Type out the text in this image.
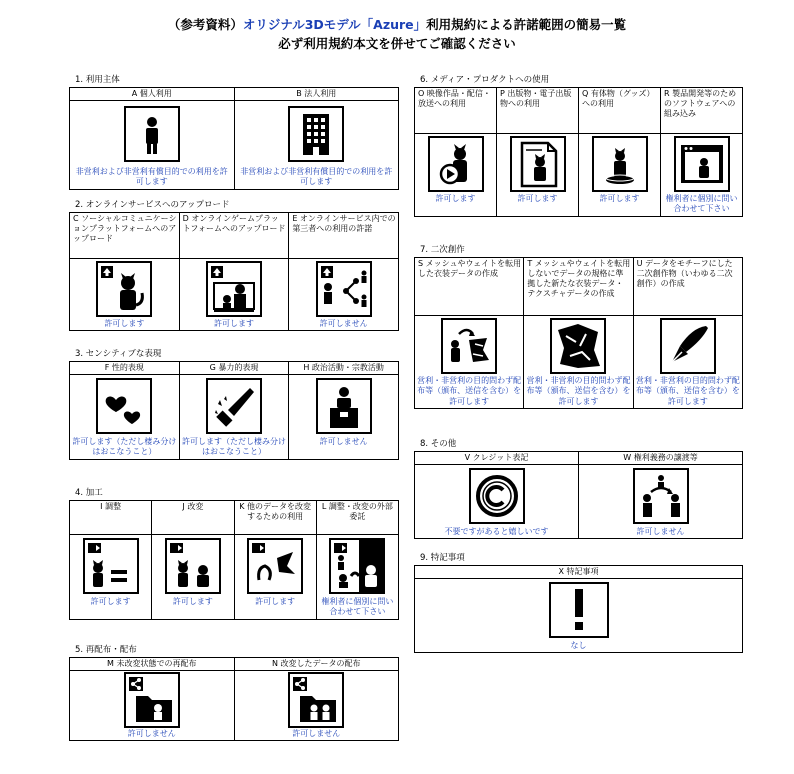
（参考資料）オリジナル3Dモデル「Azure」利用規約による許諾範囲の簡易一覧
必ず利用規約本文を併せてご確認ください
1. 利用主体
A 個人利用	B 法人利用

非営利および非営利有償目的での利用を許可します	非営利および非営利有償目的での利用を許可します
2. オンラインサービスへのアップロード
C ソーシャルコミュニケーションプラットフォームへのアップロード	D オンラインゲームプラットフォームへのアップロード	E オンラインサービス内での第三者への利用の許諾

許可します	許可します	許可しません
3. センシティブな表現
F 性的表現	G 暴力的表現	H 政治活動・宗教活動

許可します（ただし棲み分けはおこなうこと）	許可します（ただし棲み分けはおこなうこと）	許可しません
4. 加工
I 調整	J 改変	K 他のデータを改変するための利用	L 調整・改変の外部委託

許可します	許可します	許可します	権利者に個別に問い合わせて下さい
5. 再配布・配布
M 未改変状態での再配布	N 改変したデータの配布

許可しません	許可しません
6. メディア・プロダクトへの使用
O 映像作品・配信・放送への利用	P 出版物・電子出版物への利用	Q 有体物（グッズ）への利用	R 製品開発等のためのソフトウェアへの組み込み

許可します	許可します	許可します	権利者に個別に問い合わせて下さい
7. 二次創作
S メッシュやウェイトを転用した衣装データの作成	T メッシュやウェイトを転用しないでデータの規格に準拠した新たな衣装データ・テクスチャデータの作成	U データをモチーフにした二次創作物（いわゆる二次創作）の作成

営利・非営利の目的問わず配布等（頒布、送信を含む）を許可します	営利・非営利の目的問わず配布等（頒布、送信を含む）を許可します	営利・非営利の目的問わず配布等（頒布、送信を含む）を許可します
8. その他
V クレジット表記	W 権利義務の譲渡等

不要ですがあると嬉しいです	許可しません
9. 特記事項
X 特記事項

なし
